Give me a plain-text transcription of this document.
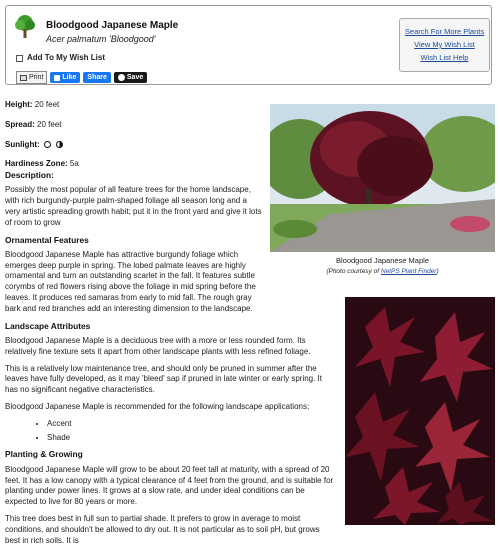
Bloodgood Japanese Maple
Acer palmatum 'Bloodgood'
Add To My Wish List
Print	Like Share	Save
Search For More Plants
View My Wish List
Wish List Help
Height: 20 feet
Spread: 20 feet
Sunlight:
Hardiness Zone: 5a
Bloodgood Japanese Maple
(Photo courtesy of NetPS Plant Finder)
Description:

Possibly the most popular of all feature trees for the home landscape, with rich burgundy-purple palm-shaped foliage all season long and a very artistic spreading growth habit; put it in the front yard and give it lots of room to grow

Ornamental Features

Bloodgood Japanese Maple has attractive burgundy foliage which emerges deep purple in spring. The lobed palmate leaves are highly ornamental and turn an outstanding scarlet in the fall. It features subtle corymbs of red flowers rising above the foliage in mid spring before the leaves. It produces red samaras from early to mid fall. The rough gray bark and red branches add an interesting dimension to the landscape.

Landscape Attributes

Bloodgood Japanese Maple is a deciduous tree with a more or less rounded form. Its relatively fine texture sets it apart from other landscape plants with less refined foliage.

This is a relatively low maintenance tree, and should only be pruned in summer after the leaves have fully developed, as it may 'bleed' sap if pruned in late winter or early spring. It has no significant negative characteristics.

Bloodgood Japanese Maple is recommended for the following landscape applications;

• Accent
• Shade
Planting & Growing

Bloodgood Japanese Maple will grow to be about 20 feet tall at maturity, with a spread of 20 feet. It has a low canopy with a typical clearance of 4 feet from the ground, and is suitable for planting under power lines. It grows at a slow rate, and under ideal conditions can be expected to live for 80 years or more.

This tree does best in full sun to partial shade. It prefers to grow in average to moist conditions, and shouldn't be allowed to dry out. It is not particular as to soil pH, but grows best in rich soils. It is
